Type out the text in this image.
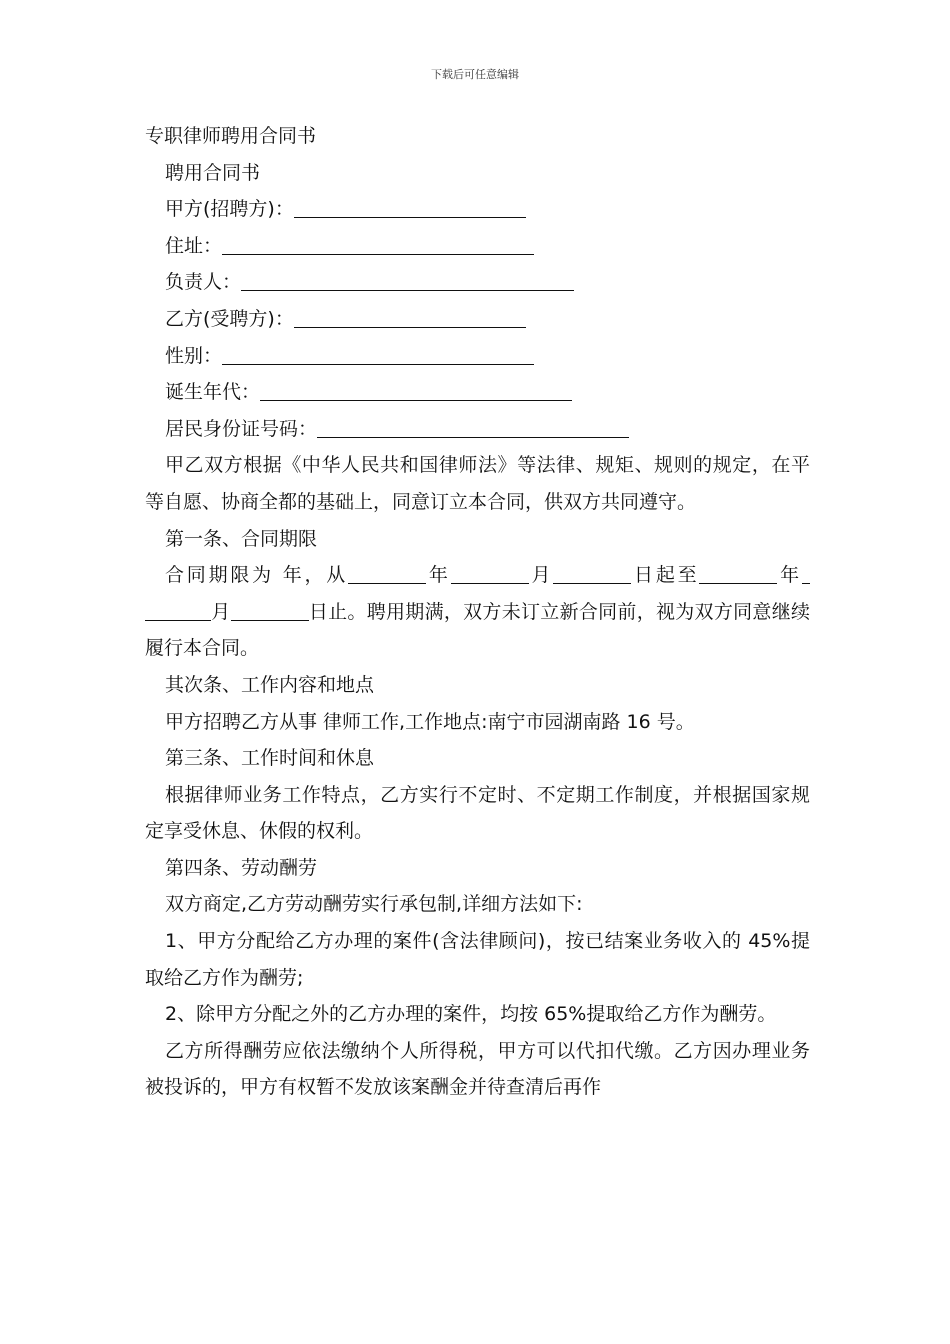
下载后可任意编辑
专职律师聘用合同书
聘用合同书
甲方(招聘方)：
住址：
负责人：
乙方(受聘方)：
性别：
诞生年代：
居民身份证号码：
甲乙双方根据《中华人民共和国律师法》等法律、规矩、规则的规定，在平等自愿、协商全都的基础上，同意订立本合同，供双方共同遵守。
第一条、合同期限
合同期限为 年，从	年	月	日起至	年月	日止。聘用期满，双方未订立新合同前，视为双方同意继续履行本合同。
其次条、工作内容和地点
甲方招聘乙方从事 律师工作,工作地点:南宁市园湖南路 16 号。
第三条、工作时间和休息
根据律师业务工作特点，乙方实行不定时、不定期工作制度，并根据国家规定享受休息、休假的权利。
第四条、劳动酬劳
双方商定,乙方劳动酬劳实行承包制,详细方法如下:
1、甲方分配给乙方办理的案件(含法律顾问)，按已结案业务收入的 45%提取给乙方作为酬劳;
2、除甲方分配之外的乙方办理的案件，均按 65%提取给乙方作为酬劳。
乙方所得酬劳应依法缴纳个人所得税，甲方可以代扣代缴。乙方因办理业务被投诉的，甲方有权暂不发放该案酬金并待查清后再作
